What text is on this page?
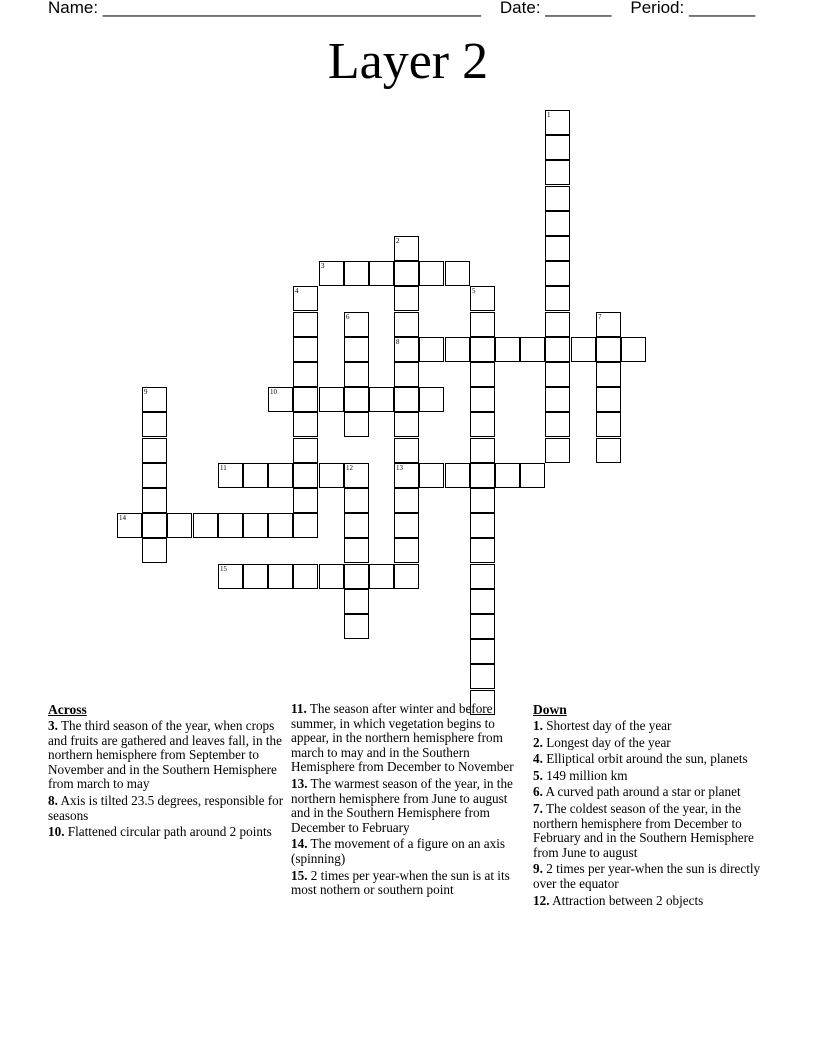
Name: ________________________________________ Date: _______ Period: _______
Layer 2
1
2
8
13
3
4	5
6	7
9	10
11	12
14
15
Across
3. The third season of the year, when crops and fruits are gathered and leaves fall, in the northern hemisphere from September to November and in the Southern Hemisphere from march to may
8. Axis is tilted 23.5 degrees, responsible for seasons
10. Flattened circular path around 2 points
11. The season after winter and before summer, in which vegetation begins to appear, in the northern hemisphere from march to may and in the Southern Hemisphere from December to November
13. The warmest season of the year, in the northern hemisphere from June to august and in the Southern Hemisphere from December to February
14. The movement of a figure on an axis (spinning)
15. 2 times per year-when the sun is at its most nothern or southern point
Down
1. Shortest day of the year
2. Longest day of the year
4. Elliptical orbit around the sun, planets
5. 149 million km
6. A curved path around a star or planet
7. The coldest season of the year, in the northern hemisphere from December to February and in the Southern Hemisphere from June to august
9. 2 times per year-when the sun is directly over the equator
12. Attraction between 2 objects
